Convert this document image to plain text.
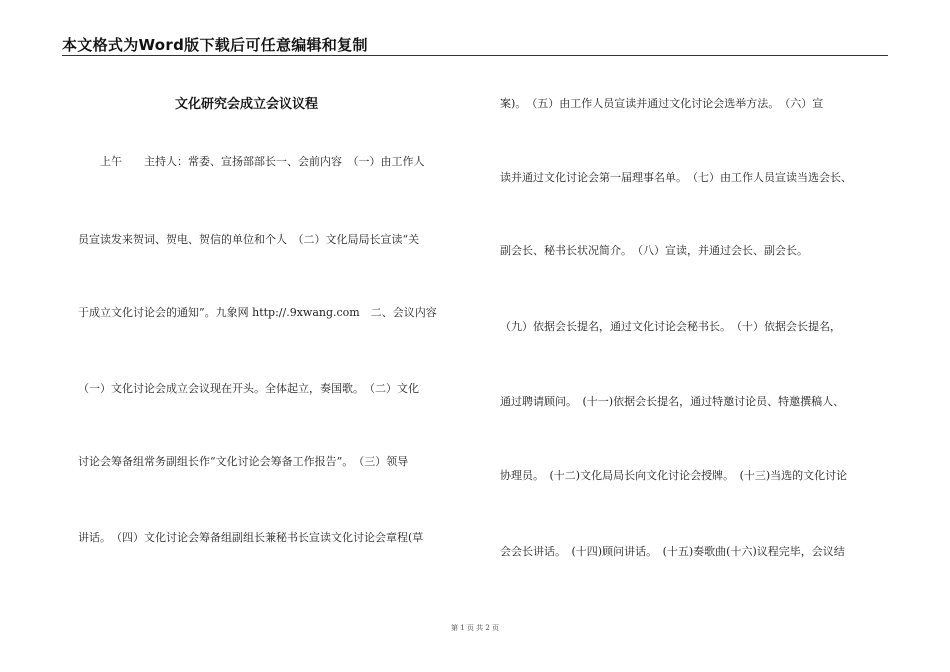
本文格式为Word版下载后可任意编辑和复制
文化研究会成立会议议程
上午　　主持人：常委、宣扬部部长一、会前内容　（一）由工作人
员宣读发来贺词、贺电、贺信的单位和个人　（二）文化局局长宣读“关
于成立文化讨论会的通知”。九象网 http://.9xwang.com　二、会议内容
（一）文化讨论会成立会议现在开头。全体起立，奏国歌。　（二）文化
讨论会筹备组常务副组长作“文化讨论会筹备工作报告”。　（三）领导
讲话。　（四）文化讨论会筹备组副组长兼秘书长宣读文化讨论会章程(草
案)。　（五）由工作人员宣读并通过文化讨论会选举方法。　（六）宣
读并通过文化讨论会第一届理事名单。　（七）由工作人员宣读当选会长、
副会长、秘书长状况简介。　（八）宣读，并通过会长、副会长。
（九）依据会长提名，通过文化讨论会秘书长。　（十）依据会长提名，
通过聘请顾问。　(十一)依据会长提名，通过特邀讨论员、特邀撰稿人、
协理员。　(十二)文化局局长向文化讨论会授牌。　(十三)当选的文化讨论
会会长讲话。　(十四)顾问讲话。　(十五)奏歌曲(十六)议程完毕，会议结
第 1 页 共 2 页
